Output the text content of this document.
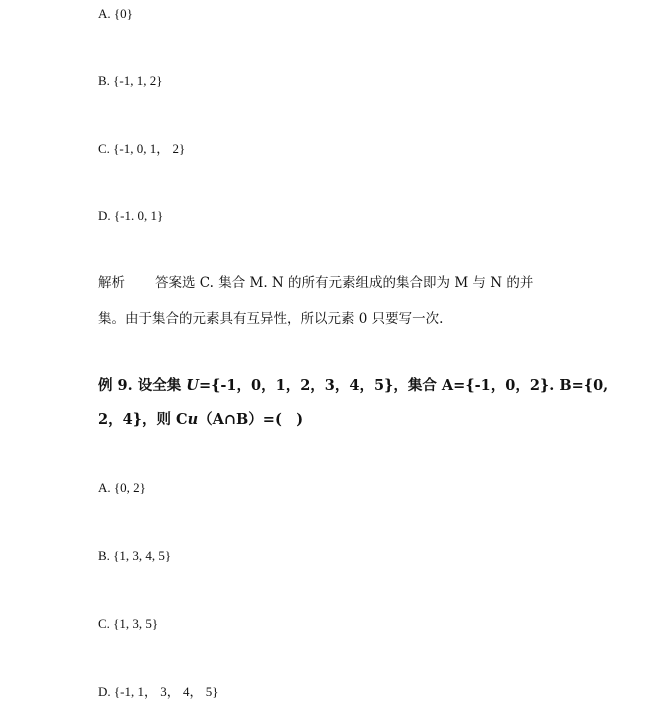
A. {0}
B. {-1, 1, 2}
C. {-1, 0, 1， 2}
D. {-1. 0, 1}
解析 答案选 C. 集合 M. N 的所有元素组成的集合即为 M 与 N 的并
集。由于集合的元素具有互异性，所以元素 0 只要写一次.
例 9. 设全集 U={-1，0，1，2，3，4，5}，集合 A={-1，0，2}. B={0,
2，4}，则 Cu（A∩B）=(　)
A. {0, 2}
B. {1, 3, 4, 5}
C. {1, 3, 5}
D. {-1, 1， 3， 4， 5}
